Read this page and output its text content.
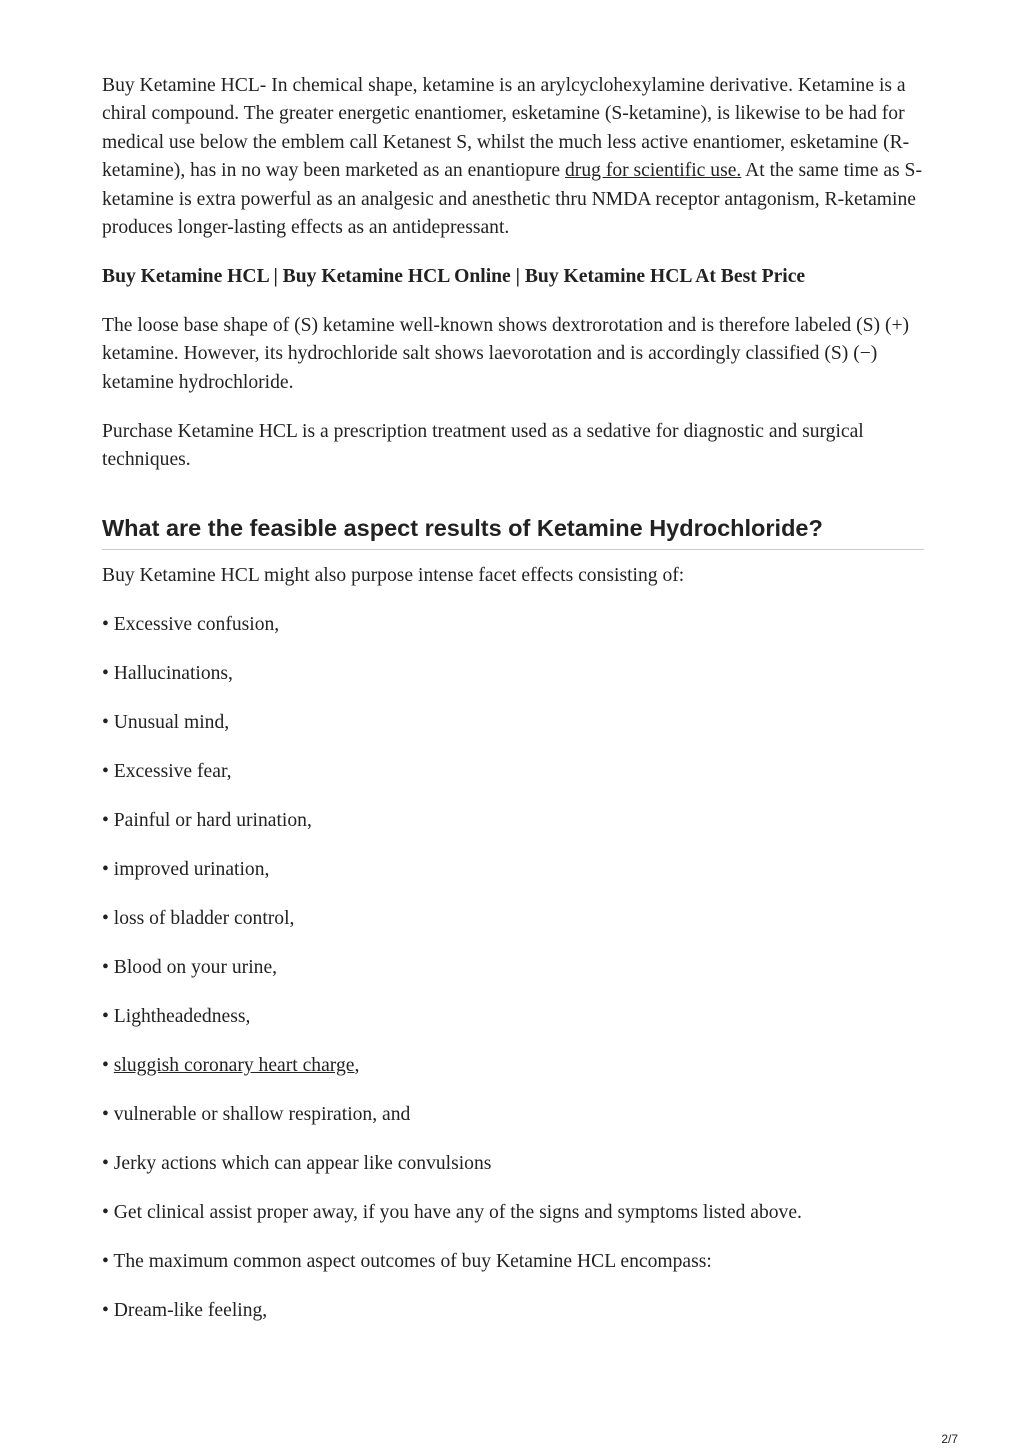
Buy Ketamine HCL- In chemical shape, ketamine is an arylcyclohexylamine derivative. Ketamine is a chiral compound. The greater energetic enantiomer, esketamine (S-ketamine), is likewise to be had for medical use below the emblem call Ketanest S, whilst the much less active enantiomer, esketamine (R-ketamine), has in no way been marketed as an enantiopure drug for scientific use. At the same time as S-ketamine is extra powerful as an analgesic and anesthetic thru NMDA receptor antagonism, R-ketamine produces longer-lasting effects as an antidepressant.

Buy Ketamine HCL | Buy Ketamine HCL Online | Buy Ketamine HCL At Best Price

The loose base shape of (S) ketamine well-known shows dextrorotation and is therefore labeled (S) (+) ketamine. However, its hydrochloride salt shows laevorotation and is accordingly classified (S) (−) ketamine hydrochloride.

Purchase Ketamine HCL is a prescription treatment used as a sedative for diagnostic and surgical techniques.

What are the feasible aspect results of Ketamine Hydrochloride?

Buy Ketamine HCL might also purpose intense facet effects consisting of:

• Excessive confusion,

• Hallucinations,

• Unusual mind,

• Excessive fear,

• Painful or hard urination,

• improved urination,

• loss of bladder control,

• Blood on your urine,

• Lightheadedness,

• sluggish coronary heart charge,

• vulnerable or shallow respiration, and

• Jerky actions which can appear like convulsions

• Get clinical assist proper away, if you have any of the signs and symptoms listed above.

• The maximum common aspect outcomes of buy Ketamine HCL encompass:

• Dream-like feeling,

2/7
